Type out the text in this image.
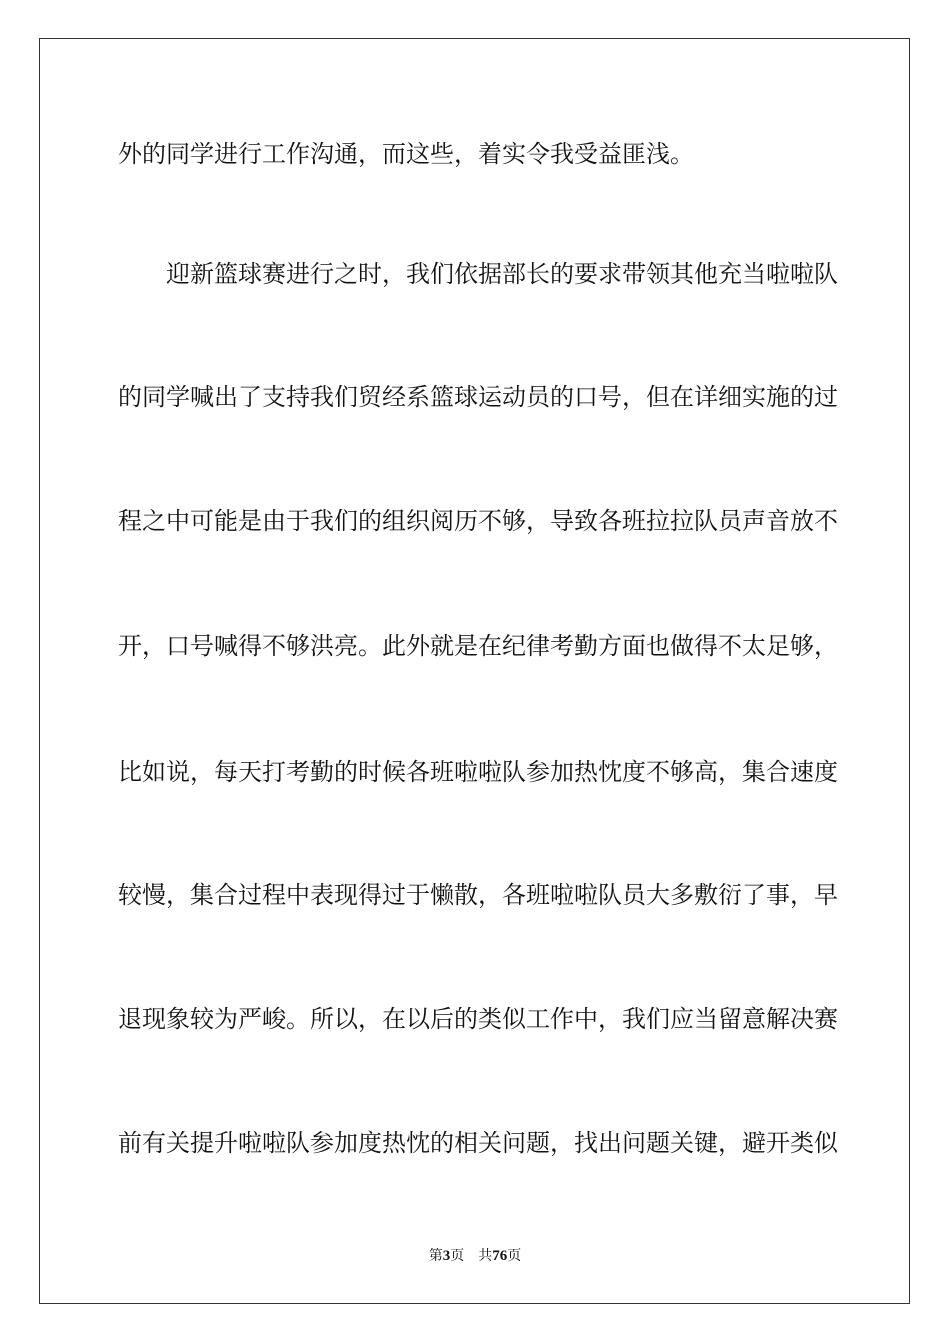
外的同学进行工作沟通，而这些，着实令我受益匪浅。
迎新篮球赛进行之时，我们依据部长的要求带领其他充当啦啦队
的同学喊出了支持我们贸经系篮球运动员的口号，但在详细实施的过
程之中可能是由于我们的组织阅历不够，导致各班拉拉队员声音放不
开，口号喊得不够洪亮。此外就是在纪律考勤方面也做得不太足够，
比如说，每天打考勤的时候各班啦啦队参加热忱度不够高，集合速度
较慢，集合过程中表现得过于懒散，各班啦啦队员大多敷衍了事，早
退现象较为严峻。所以，在以后的类似工作中，我们应当留意解决赛
前有关提升啦啦队参加度热忱的相关问题，找出问题关键，避开类似
第3页 共76页
